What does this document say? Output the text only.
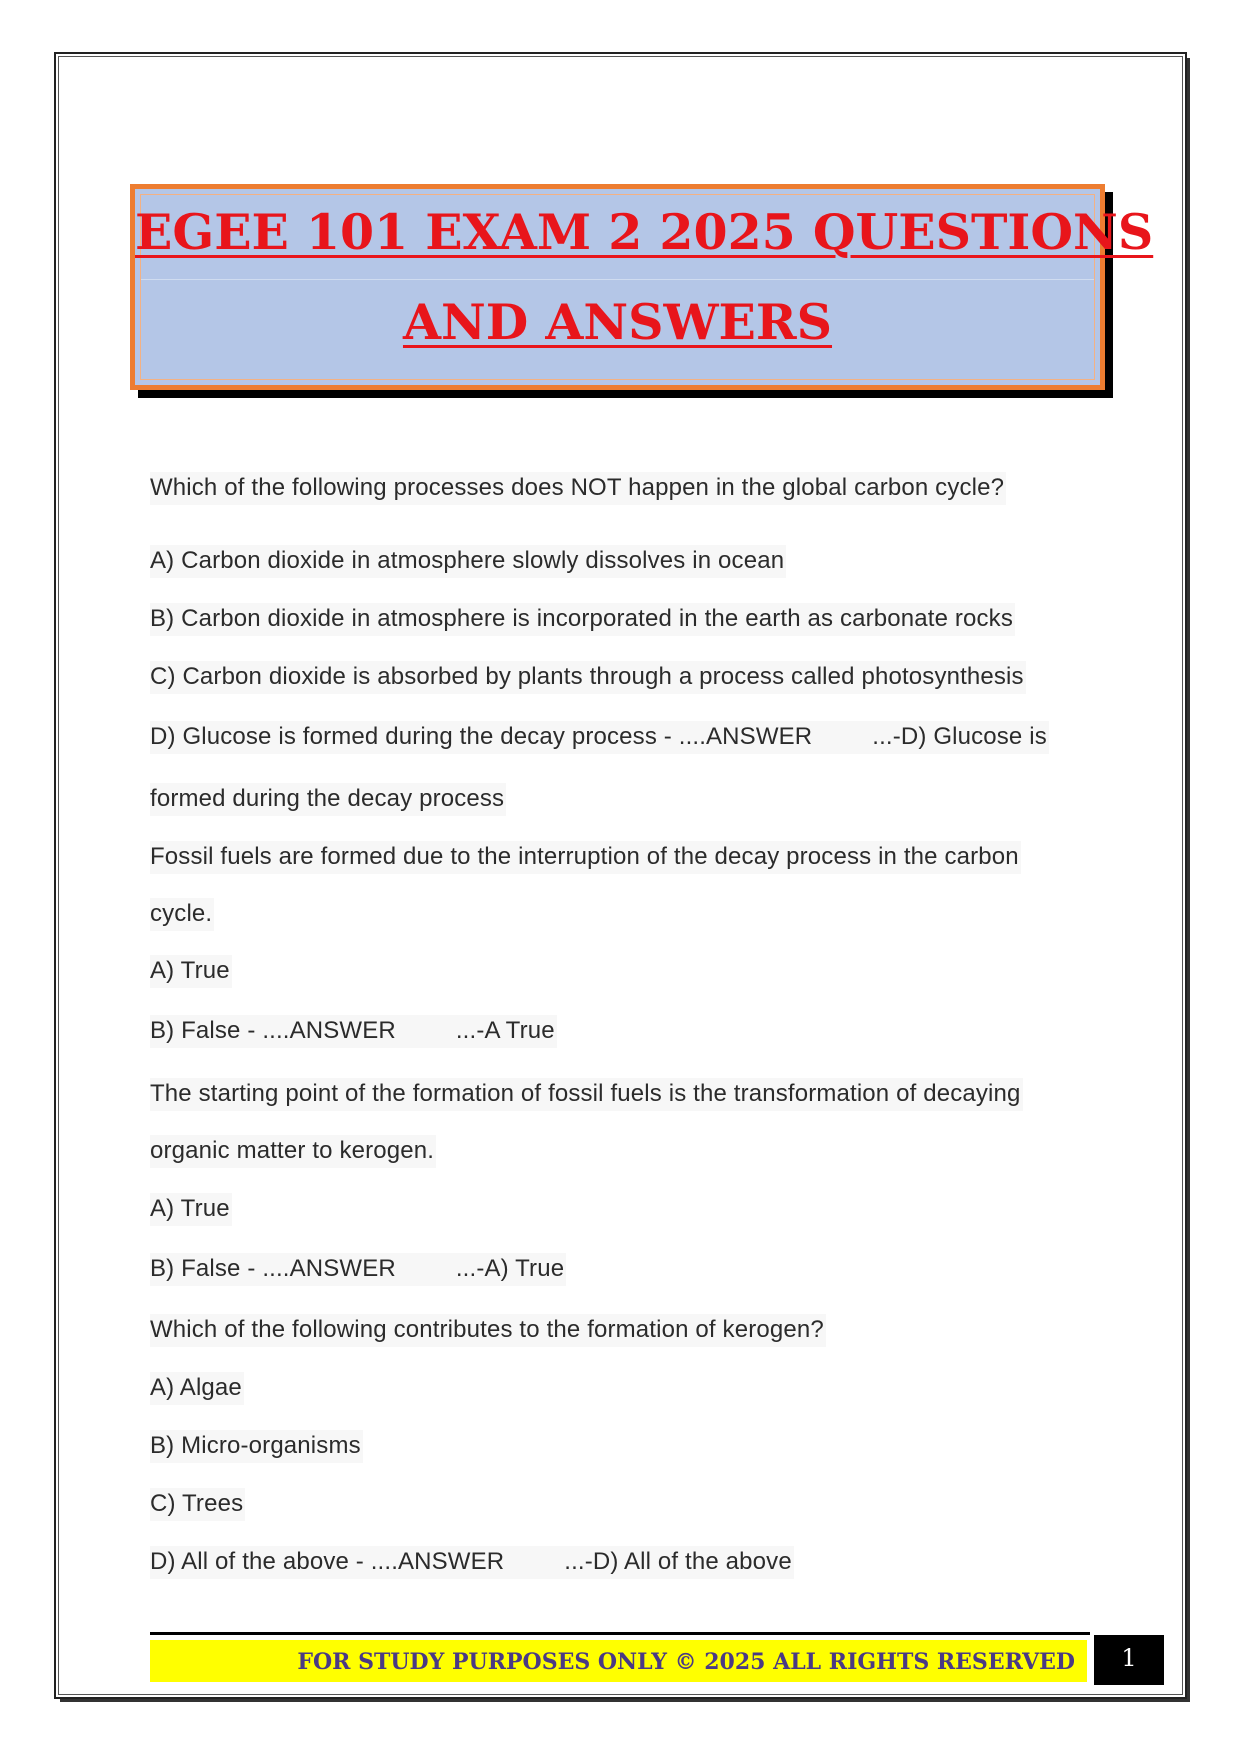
EGEE 101 EXAM 2 2025 QUESTIONS
AND ANSWERS
Which of the following processes does NOT happen in the global carbon cycle?
A) Carbon dioxide in atmosphere slowly dissolves in ocean
B) Carbon dioxide in atmosphere is incorporated in the earth as carbonate rocks
C) Carbon dioxide is absorbed by plants through a process called photosynthesis
D) Glucose is formed during the decay process - ....ANSWER	...-D) Glucose is
formed during the decay process
Fossil fuels are formed due to the interruption of the decay process in the carbon
cycle.
A) True
B) False - ....ANSWER	...-A True
The starting point of the formation of fossil fuels is the transformation of decaying
organic matter to kerogen.
A) True
B) False - ....ANSWER	...-A) True
Which of the following contributes to the formation of kerogen?
A) Algae
B) Micro-organisms
C) Trees
D) All of the above - ....ANSWER	...-D) All of the above
FOR STUDY PURPOSES ONLY © 2025 ALL RIGHTS RESERVED	1
